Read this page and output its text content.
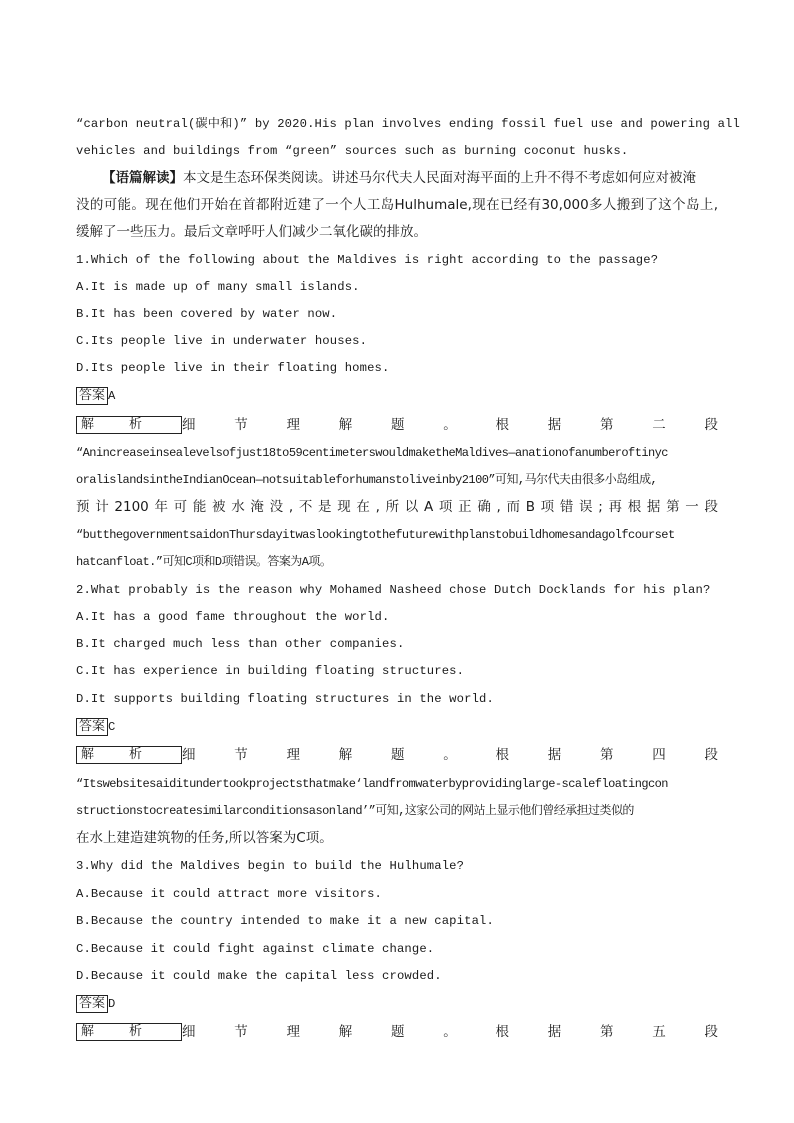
“carbon neutral(碳中和)” by 2020.His plan involves ending fossil fuel use and powering all
vehicles and buildings from “green” sources such as burning coconut husks.
【语篇解读】本文是生态环保类阅读。讲述马尔代夫人民面对海平面的上升不得不考虑如何应对被淹
没的可能。现在他们开始在首都附近建了一个人工岛Hulhumale,现在已经有30,000多人搬到了这个岛上,
缓解了一些压力。最后文章呼吁人们减少二氧化碳的排放。
1.Which of the following about the Maldives is right according to the passage?
A.It is made up of many small islands.
B.It has been covered by water now.
C.Its people live in underwater houses.
D.Its people live in their floating homes.
答案 A
解	析	细	节	理	解	题	。	根	据	第	二	段
“Anincreaseinsealevelsofjust18to59centimeterswouldmaketheMaldives—anationofanumberoftinyc
oralislandsintheIndianOcean—notsuitableforhumanstoliveinby2100”可知,马尔代夫由很多小岛组成,
预计2100年可能被水淹没,不是现在,所以A项正确,而B项错误;再根据第一段
“butthegovernmentsaidonThursdayitwaslookingtothefuturewithplanstobuildhomesandagolfcourset
hatcanfloat.”可知C项和D项错误。答案为A项。
2.What probably is the reason why Mohamed Nasheed chose Dutch Docklands for his plan?
A.It has a good fame throughout the world.
B.It charged much less than other companies.
C.It has experience in building floating structures.
D.It supports building floating structures in the world.
答案 C
解	析	细	节	理	解	题	。	根	据	第	四	段
“Itswebsitesaiditundertookprojectsthatmake‘landfromwaterbyprovidinglarge-scalefloatingcon
structionstocreatesimilarconditionsasonland’”可知,这家公司的网站上显示他们曾经承担过类似的
在水上建造建筑物的任务,所以答案为C项。
3.Why did the Maldives begin to build the Hulhumale?
A.Because it could attract more visitors.
B.Because the country intended to make it a new capital.
C.Because it could fight against climate change.
D.Because it could make the capital less crowded.
答案 D
解	析	细	节	理	解	题	。	根	据	第	五	段
